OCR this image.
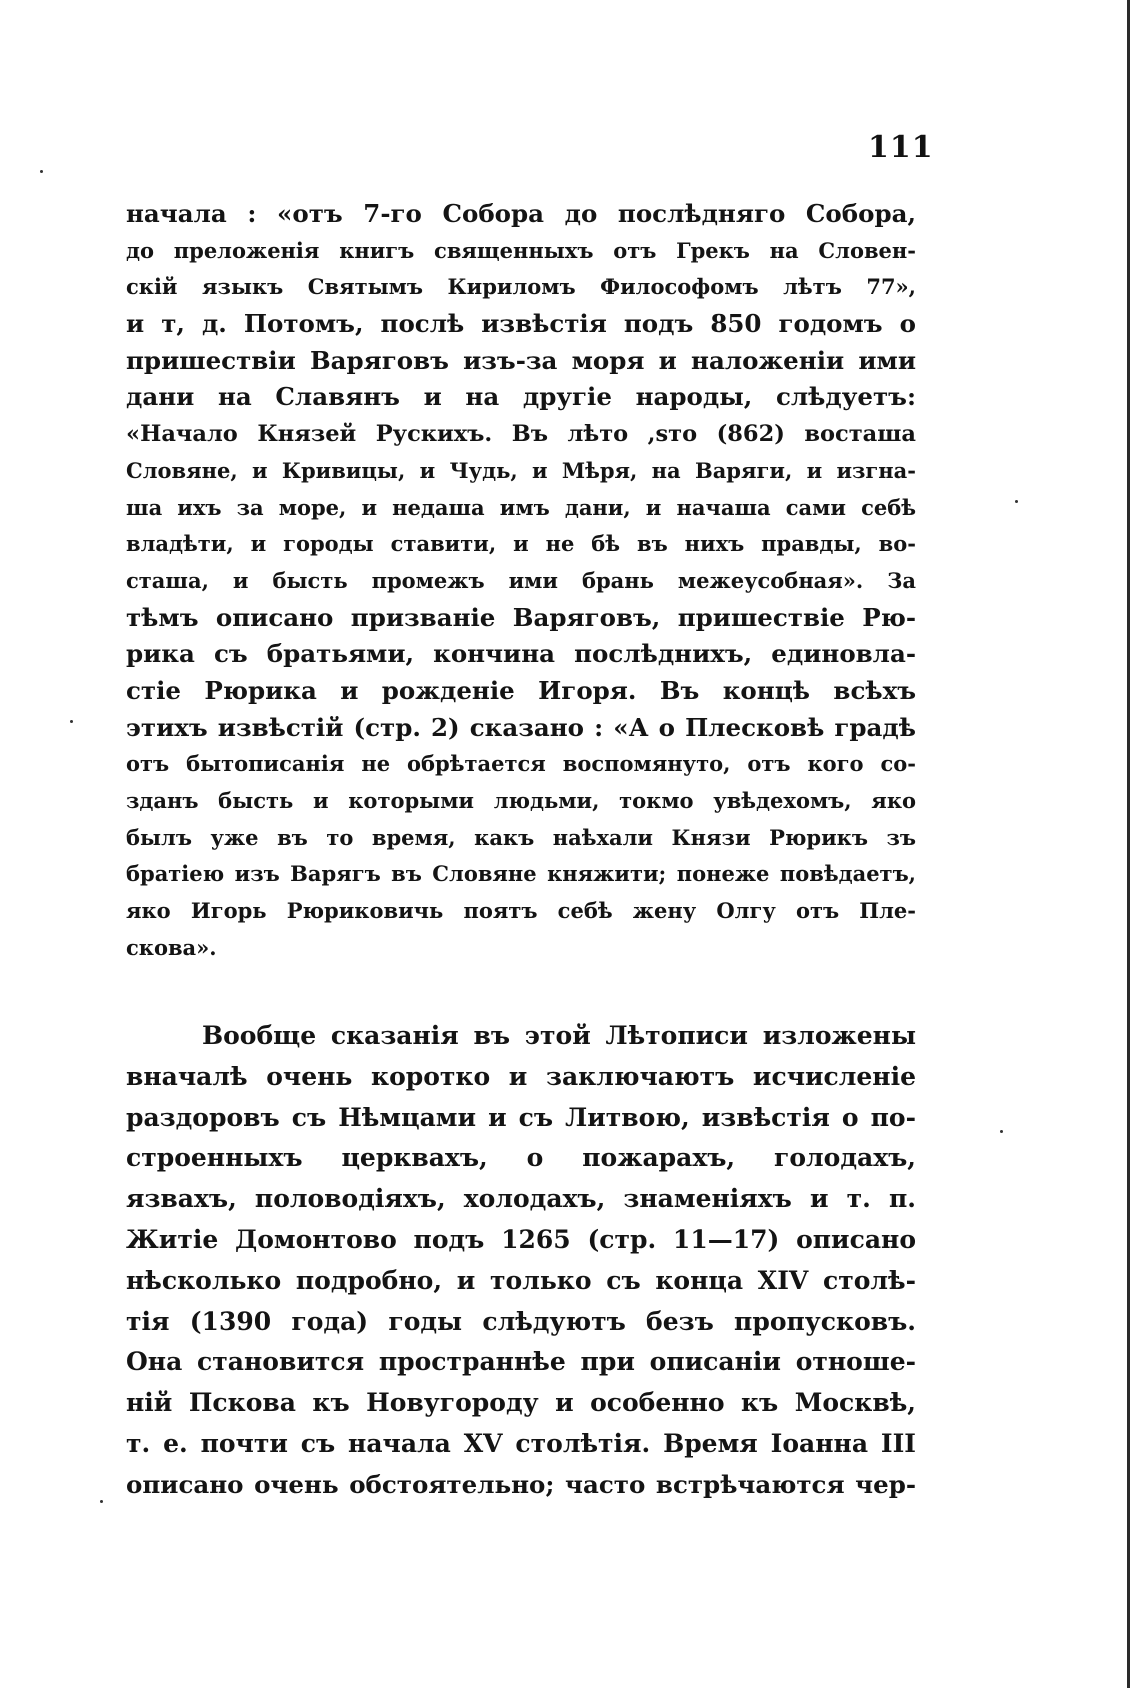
111
начала : «отъ 7-го Собора до послѣдняго Собора,
до преложенія книгъ священныхъ отъ Грекъ на Словен-
скій языкъ Святымъ Кириломъ Философомъ лѣтъ 77»,
и т, д. Потомъ, послѣ извѣстія подъ 850 годомъ о
пришествіи Варяговъ изъ-за моря и наложеніи ими
дани на Славянъ и на другіе народы, слѣдуетъ:
«Начало Князей Рускихъ. Въ лѣто ,sто (862) восташа
Словяне, и Кривицы, и Чудь, и Мѣря, на Варяги, и изгна-
ша ихъ за море, и недаша имъ дани, и начаша сами себѣ
владѣти, и городы ставити, и не бѣ въ нихъ правды, во-
сташа, и бысть промежъ ими брань межеусобная». За
тѣмъ описано призваніе Варяговъ, пришествіе Рю-
рика съ братьями, кончина послѣднихъ, единовла-
стіе Рюрика и рожденіе Игоря. Въ концѣ всѣхъ
этихъ извѣстій (стр. 2) сказано : «А о Плесковѣ градѣ
отъ бытописанія не обрѣтается воспомянуто, отъ кого со-
зданъ бысть и которыми людьми, токмо увѣдехомъ, яко
былъ уже въ то время, какъ наѣхали Князи Рюрикъ зъ
братіею изъ Варягъ въ Словяне княжити; понеже повѣдаетъ,
яко Игорь Рюриковичь поятъ себѣ жену Олгу отъ Пле-
скова».
Вообще сказанія въ этой Лѣтописи изложены
вначалѣ очень коротко и заключаютъ исчисленіе
раздоровъ съ Нѣмцами и съ Литвою, извѣстія о по-
строенныхъ церквахъ, о пожарахъ, голодахъ,
язвахъ, половодіяхъ, холодахъ, знаменіяхъ и т. п.
Житіе Домонтово подъ 1265 (стр. 11—17) описано
нѣсколько подробно, и только съ конца XIV столѣ-
тія (1390 года) годы слѣдуютъ безъ пропусковъ.
Она становится пространнѣе при описаніи отноше-
ній Пскова къ Новугороду и особенно къ Москвѣ,
т. е. почти съ начала XV столѣтія. Время Іоанна III
описано очень обстоятельно; часто встрѣчаются чер-
